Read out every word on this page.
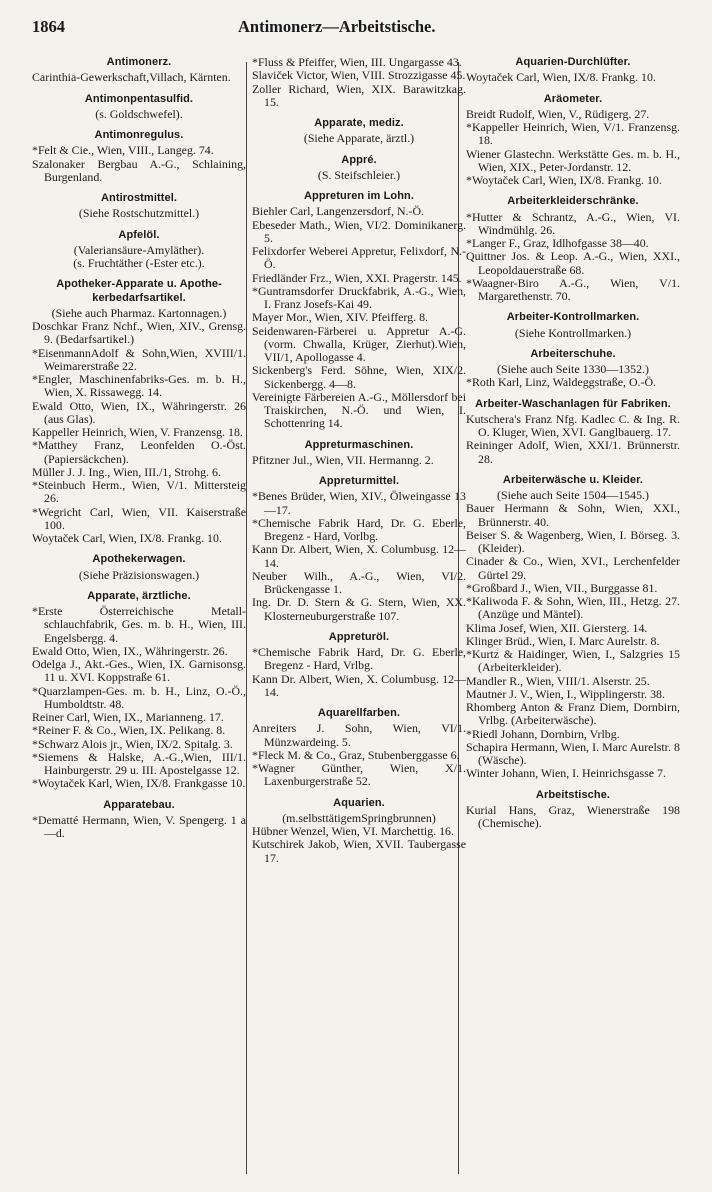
1864	Antimonerz—Arbeitstische.
Antimonerz.
Carinthia-Gewerkschaft,Villach, Kärnten.
Antimonpentasulfid.
(s. Goldschwefel).
Antimonregulus.
*Felt & Cie., Wien, VIII., Langeg. 74.
Szalonaker Bergbau A.-G., Schlaining, Burgenland.
Antirostmittel.
(Siehe Rostschutzmittel.)
Apfelöl.
(Valeriansäure-Amyläther).
(s. Fruchtäther (-Ester etc.).
Apotheker-Apparate u. Apothekerbedarfsartikel.
(Siehe auch Pharmaz. Kartonnagen.)
Doschkar Franz Nchf., Wien, XIV., Grensg. 9. (Bedarfsartikel.)
*EisenmannAdolf & Sohn,Wien, XVIII/1. Weimarerstraße 22.
*Engler, Maschinenfabriks-Ges. m. b. H., Wien, X. Rissawegg. 14.
Ewald Otto, Wien, IX., Währingerstr. 26 (aus Glas).
Kappeller Heinrich, Wien, V. Franzensg. 18.
*Matthey Franz, Leonfelden O.-Öst. (Papiersäckchen).
Müller J. J. Ing., Wien, III./1, Strohg. 6.
*Steinbuch Herm., Wien, V/1. Mittersteig 26.
*Wegricht Carl, Wien, VII. Kaiserstraße 100.
Woytaček Carl, Wien, IX/8. Frankg. 10.
Apothekerwagen.
(Siehe Präzisionswagen.)
Apparate, ärztliche.
*Erste Österreichische Metallschlauchfabrik, Ges. m. b. H., Wien, III. Engelsbergg. 4.
Ewald Otto, Wien, IX., Währingerstr. 26.
Odelga J., Akt.-Ges., Wien, IX. Garnisonsg. 11 u. XVI. Koppstraße 61.
*Quarzlampen-Ges. m. b. H., Linz, O.-Ö., Humboldtstr. 48.
Reiner Carl, Wien, IX., Marianneng. 17.
*Reiner F. & Co., Wien, IX. Pelikang. 8.
*Schwarz Alois jr., Wien, IX/2. Spitalg. 3.
*Siemens & Halske, A.-G.,Wien, III/1. Hainburgerstr. 29 u. III. Apostelgasse 12.
*Woytaček Karl, Wien, IX/8. Frankgasse 10.
Apparatebau.
*Dematté Hermann, Wien, V. Spengerg. 1 a—d.
*Fluss & Pfeiffer, Wien, III. Ungargasse 43.
Slaviček Victor, Wien, VIII. Strozzigasse 45.
Zoller Richard, Wien, XIX. Barawitzkag. 15.
Apparate, mediz.
(Siehe Apparate, ärztl.)
Appré.
(S. Steifschleier.)
Appreturen im Lohn.
Biehler Carl, Langenzersdorf, N.-Ö.
Ebeseder Math., Wien, VI/2. Dominikanerg. 5.
Felixdorfer Weberei Appretur, Felixdorf, N.-Ö.
Friedländer Frz., Wien, XXI. Pragerstr. 145.
*Guntramsdorfer Druckfabrik, A.-G., Wien, I. Franz Josefs-Kai 49.
Mayer Mor., Wien, XIV. Pfeifferg. 8.
Seidenwaren-Färberei u. Appretur A.-G. (vorm. Chwalla, Krüger, Zierhut).Wien, VII/1, Apollogasse 4.
Sickenberg's Ferd. Söhne, Wien, XIX/2. Sickenbergg. 4—8.
Vereinigte Färbereien A.-G., Möllersdorf bei Traiskirchen, N.-Ö. und Wien, I. Schottenring 14.
Appreturmaschinen.
Pfitzner Jul., Wien, VII. Hermanng. 2.
Appreturmittel.
*Benes Brüder, Wien, XIV., Ölweingasse 13—17.
*Chemische Fabrik Hard, Dr. G. Eberle, Bregenz - Hard, Vorlbg.
Kann Dr. Albert, Wien, X. Columbusg. 12—14.
Neuber Wilh., A.-G., Wien, VI/2. Brückengasse 1.
Ing. Dr. D. Stern & G. Stern, Wien, XX. Klosterneuburgerstraße 107.
Appreturöl.
*Chemische Fabrik Hard, Dr. G. Eberle, Bregenz - Hard, Vrlbg.
Kann Dr. Albert, Wien, X. Columbusg. 12—14.
Aquarellfarben.
Anreiters J. Sohn, Wien, VI/1. Münzwardeing. 5.
*Fleck M. & Co., Graz, Stubenberggasse 6.
*Wagner Günther, Wien, X/1. Laxenburgerstraße 52.
Aquarien.
(m.selbsttätigemSpringbrunnen)
Hübner Wenzel, Wien, VI. Marchettig. 16.
Kutschirek Jakob, Wien, XVII. Taubergasse 17.
Aquarien-Durchlüfter.
Woytaček Carl, Wien, IX/8. Frankg. 10.
Aräometer.
Breidt Rudolf, Wien, V., Rüdigerg. 27.
*Kappeller Heinrich, Wien, V/1. Franzensg. 18.
Wiener Glastechn. Werkstätte Ges. m. b. H., Wien, XIX., Peter-Jordanstr. 12.
*Woytaček Carl, Wien, IX/8. Frankg. 10.
Arbeiterkleiderschränke.
*Hutter & Schrantz, A.-G., Wien, VI. Windmühlg. 26.
*Langer F., Graz, Idlhofgasse 38—40.
Quittner Jos. & Leop. A.-G., Wien, XXI., Leopoldauerstraße 68.
*Waagner-Biro A.-G., Wien, V/1. Margarethenstr. 70.
Arbeiter-Kontrollmarken.
(Siehe Kontrollmarken.)
Arbeiterschuhe.
(Siehe auch Seite 1330—1352.)
*Roth Karl, Linz, Waldeggstraße, O.-Ö.
Arbeiter-Waschanlagen für Fabriken.
Kutschera's Franz Nfg. Kadlec C. & Ing. R. O. Kluger, Wien, XVI. Ganglbauerg. 17.
Reininger Adolf, Wien, XXI/1. Brünnerstr. 28.
Arbeiterwäsche u. Kleider.
(Siehe auch Seite 1504—1545.)
Bauer Hermann & Sohn, Wien, XXI., Brünnerstr. 40.
Beiser S. & Wagenberg, Wien, I. Börseg. 3. (Kleider).
Cinader & Co., Wien, XVI., Lerchenfelder Gürtel 29.
*Großbard J., Wien, VII., Burggasse 81.
*Kaliwoda F. & Sohn, Wien, III., Hetzg. 27. (Anzüge und Mäntel).
Klima Josef, Wien, XII. Giersterg. 14.
Klinger Brüd., Wien, I. Marc Aurelstr. 8.
*Kurtz & Haidinger, Wien, I., Salzgries 15 (Arbeiterkleider).
Mandler R., Wien, VIII/1. Alserstr. 25.
Mautner J. V., Wien, I., Wipplingerstr. 38.
Rhomberg Anton & Franz Diem, Dornbirn, Vrlbg. (Arbeiterwäsche).
*Riedl Johann, Dornbirn, Vrlbg.
Schapira Hermann, Wien, I. Marc Aurelstr. 8 (Wäsche).
Winter Johann, Wien, I. Heinrichsgasse 7.
Arbeitstische.
Kurial Hans, Graz, Wienerstraße 198 (Chemische).
